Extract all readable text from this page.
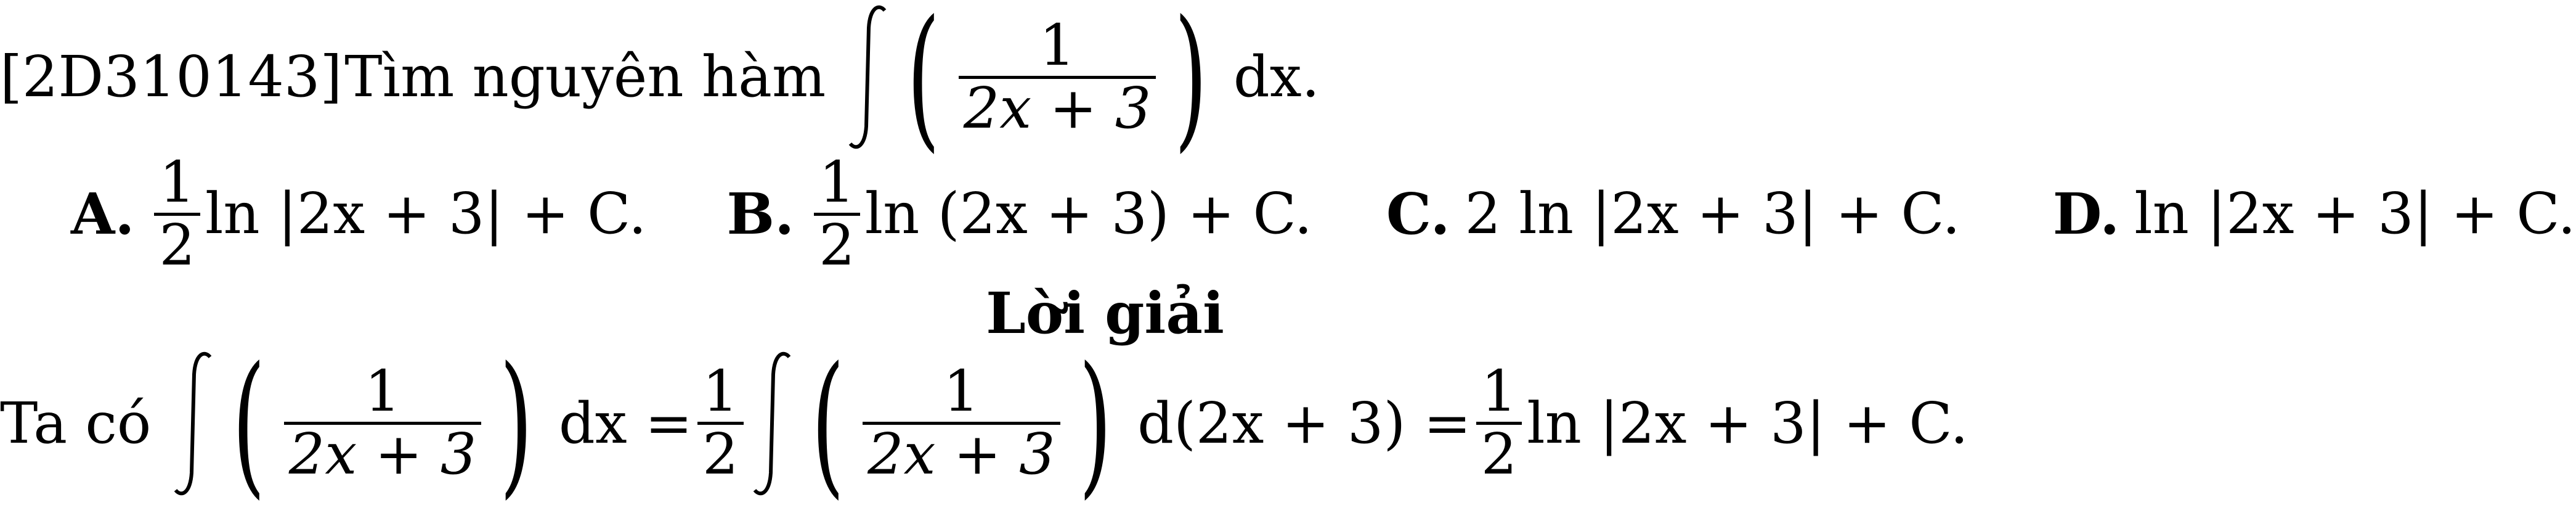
[2D310143] Tìm nguyên hàm ( $\frac{1}{2x + 3}$ ) dx.
A. $\frac{1}{2}$ ln |2x + 3| + C. B. $\frac{1}{2}$ ln (2x + 3) + C. C. 2 ln |2x + 3| + C. D. ln |2x + 3| + C.
Lời giải
Ta có ( $\frac{1}{2x + 3}$ ) dx = $\frac{1}{2}$ ( $\frac{1}{2x + 3}$ ) $d(2x + 3) = \frac{1}{2}$ ln |2x + 3| + C.
